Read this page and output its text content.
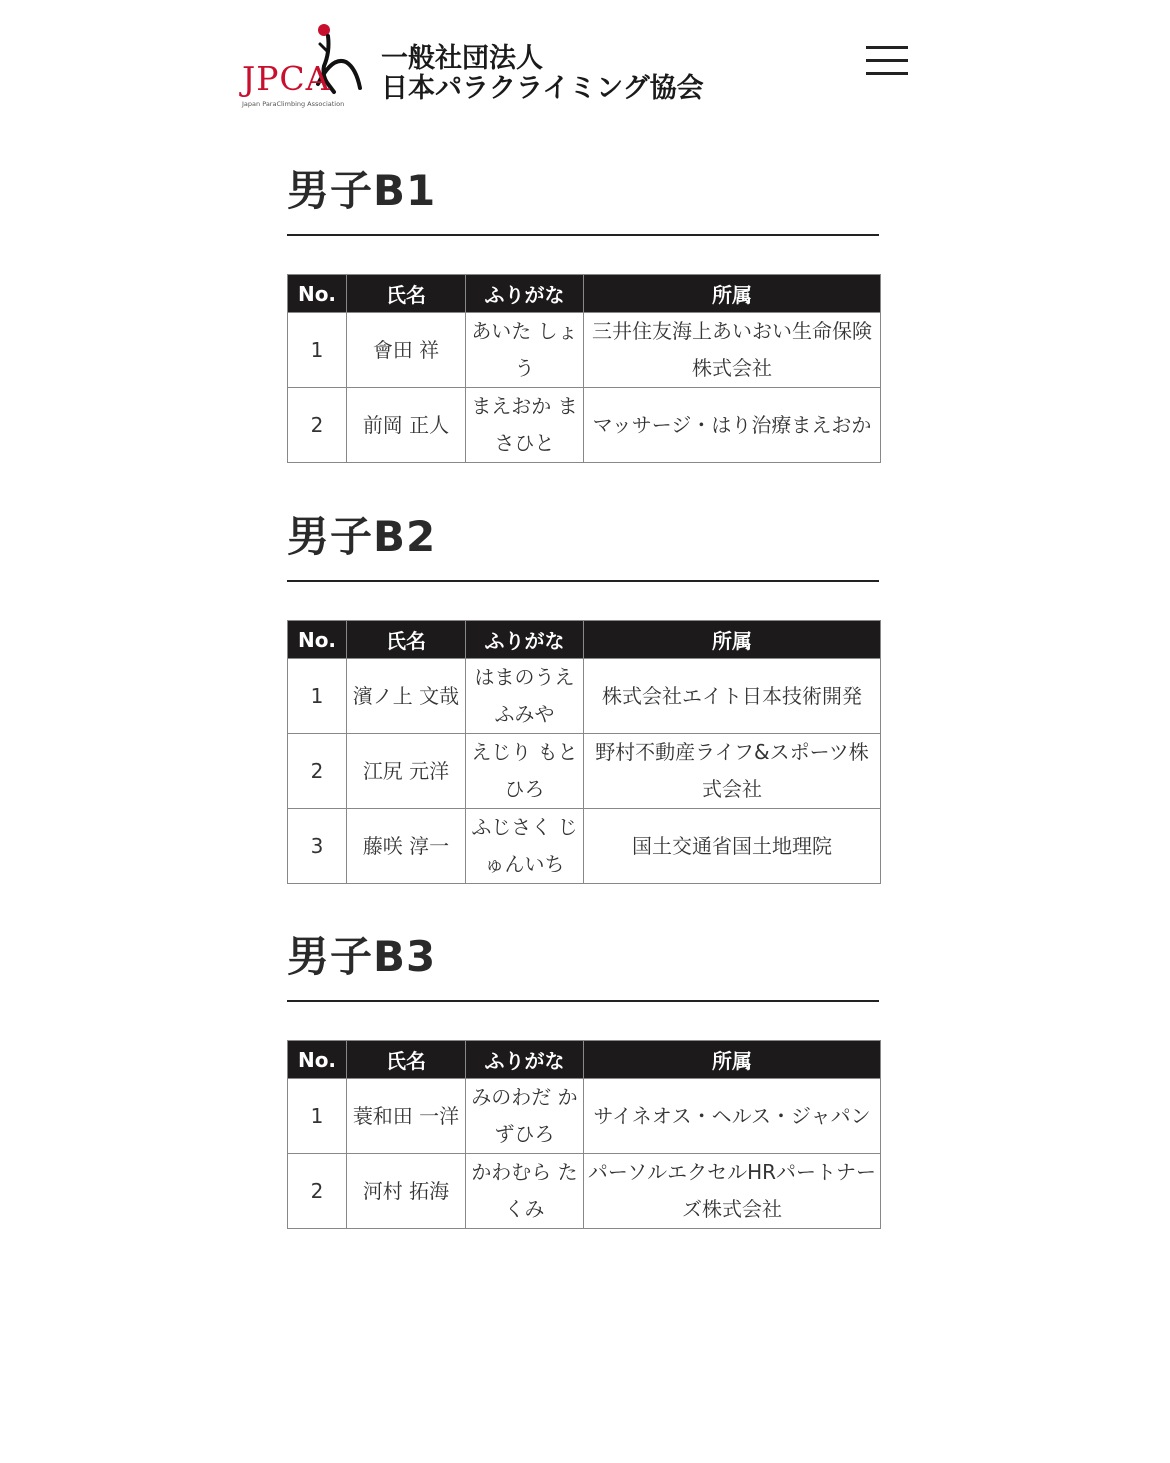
JPCA
Japan ParaClimbing Association
一般社団法人
日本パラクライミング協会
男子B1
No.	氏名	ふりがな	所属
1	會田 祥	あいた しょう	三井住友海上あいおい生命保険株式会社
2	前岡 正人	まえおか まさひと	マッサージ・はり治療まえおか
男子B2
No.	氏名	ふりがな	所属
1	濱ノ上 文哉	はまのうえ ふみや	株式会社エイト日本技術開発
2	江尻 元洋	えじり もとひろ	野村不動産ライフ&スポーツ株式会社
3	藤咲 淳一	ふじさく じゅんいち	国土交通省国土地理院
男子B3
No.	氏名	ふりがな	所属
1	蓑和田 一洋	みのわだ かずひろ	サイネオス・ヘルス・ジャパン
2	河村 拓海	かわむら たくみ	パーソルエクセルHRパートナーズ株式会社
